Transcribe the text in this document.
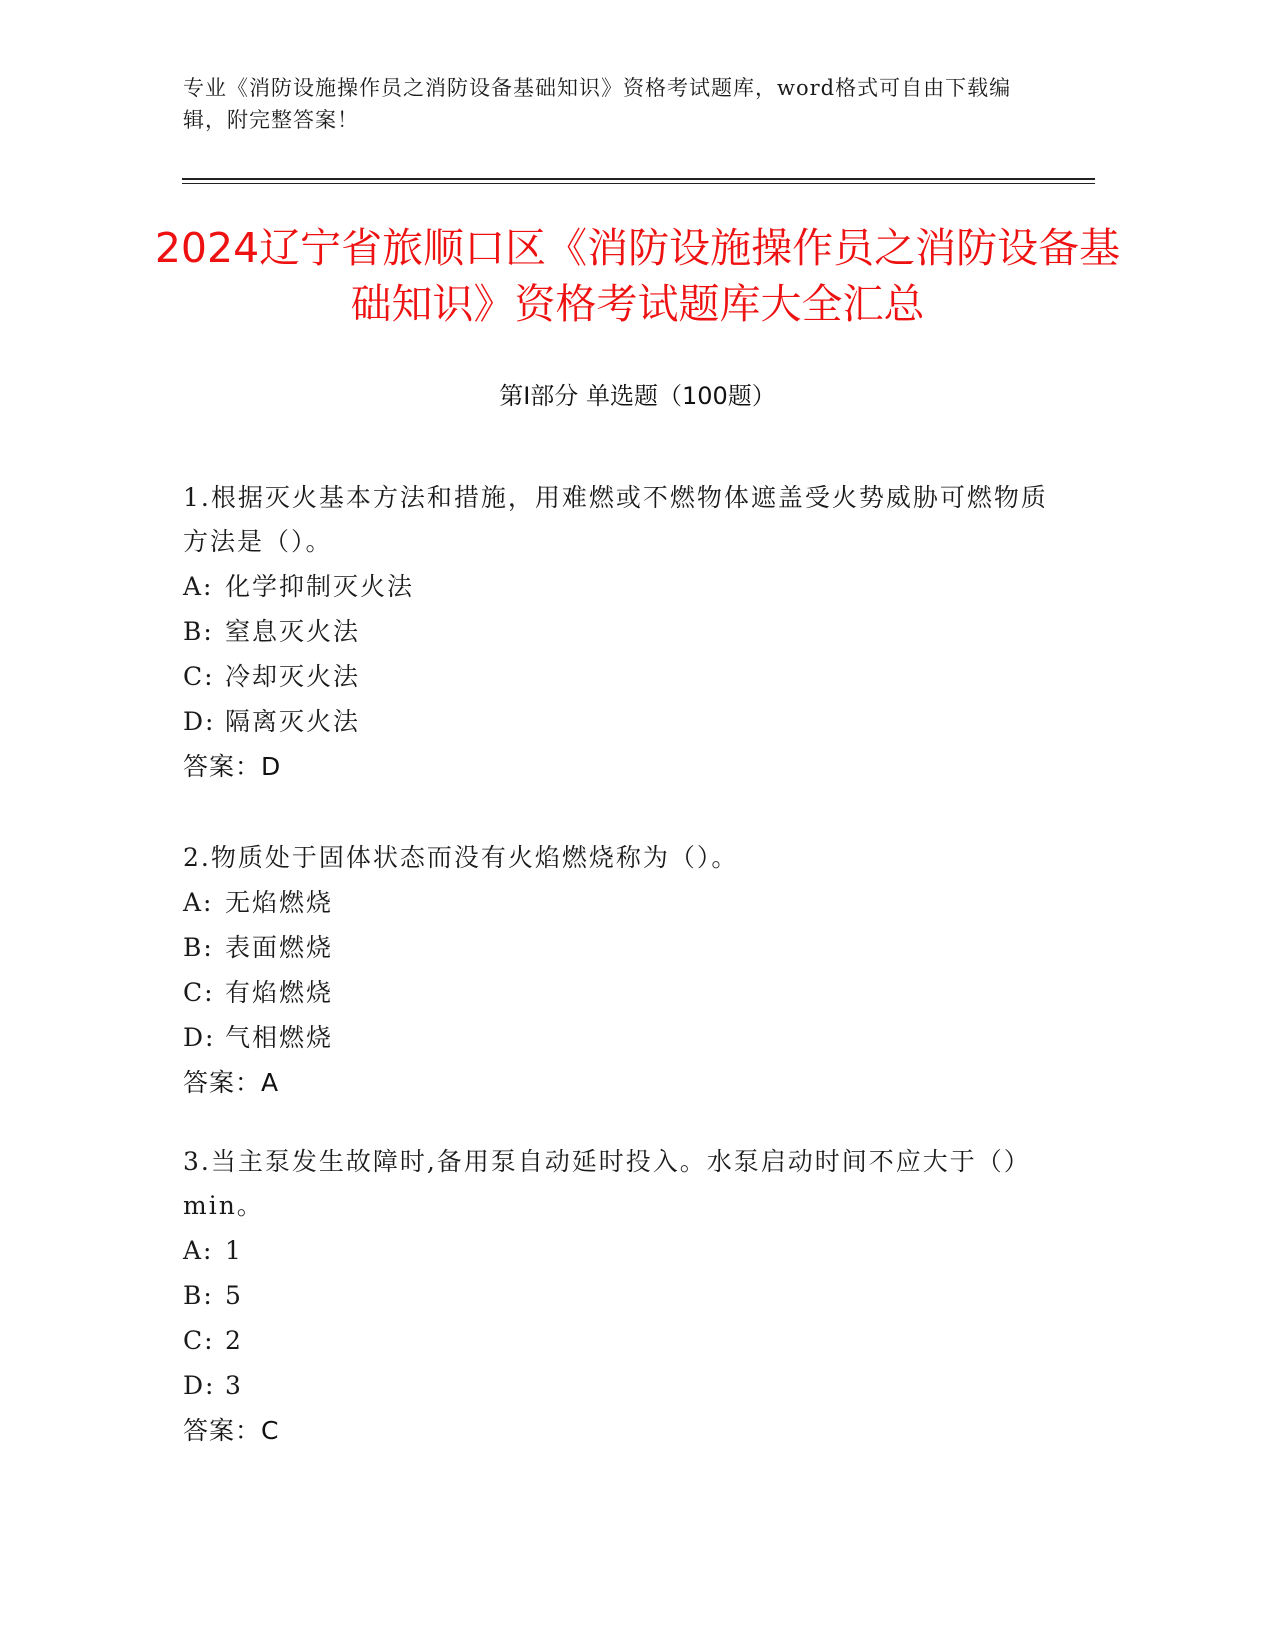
专业《消防设施操作员之消防设备基础知识》资格考试题库，word格式可自由下载编辑，附完整答案！
2024辽宁省旅顺口区《消防设施操作员之消防设备基础知识》资格考试题库大全汇总
第Ⅰ部分 单选题（100题）

1.根据灭火基本方法和措施，用难燃或不燃物体遮盖受火势威胁可燃物质方法是（）。

A: 化学抑制灭火法

B: 窒息灭火法

C: 冷却灭火法

D: 隔离灭火法

答案：D

2.物质处于固体状态而没有火焰燃烧称为（）。

A: 无焰燃烧

B: 表面燃烧

C: 有焰燃烧

D: 气相燃烧

答案：A

3.当主泵发生故障时,备用泵自动延时投入。水泵启动时间不应大于（）min。

A: 1

B: 5

C: 2

D: 3

答案：C
